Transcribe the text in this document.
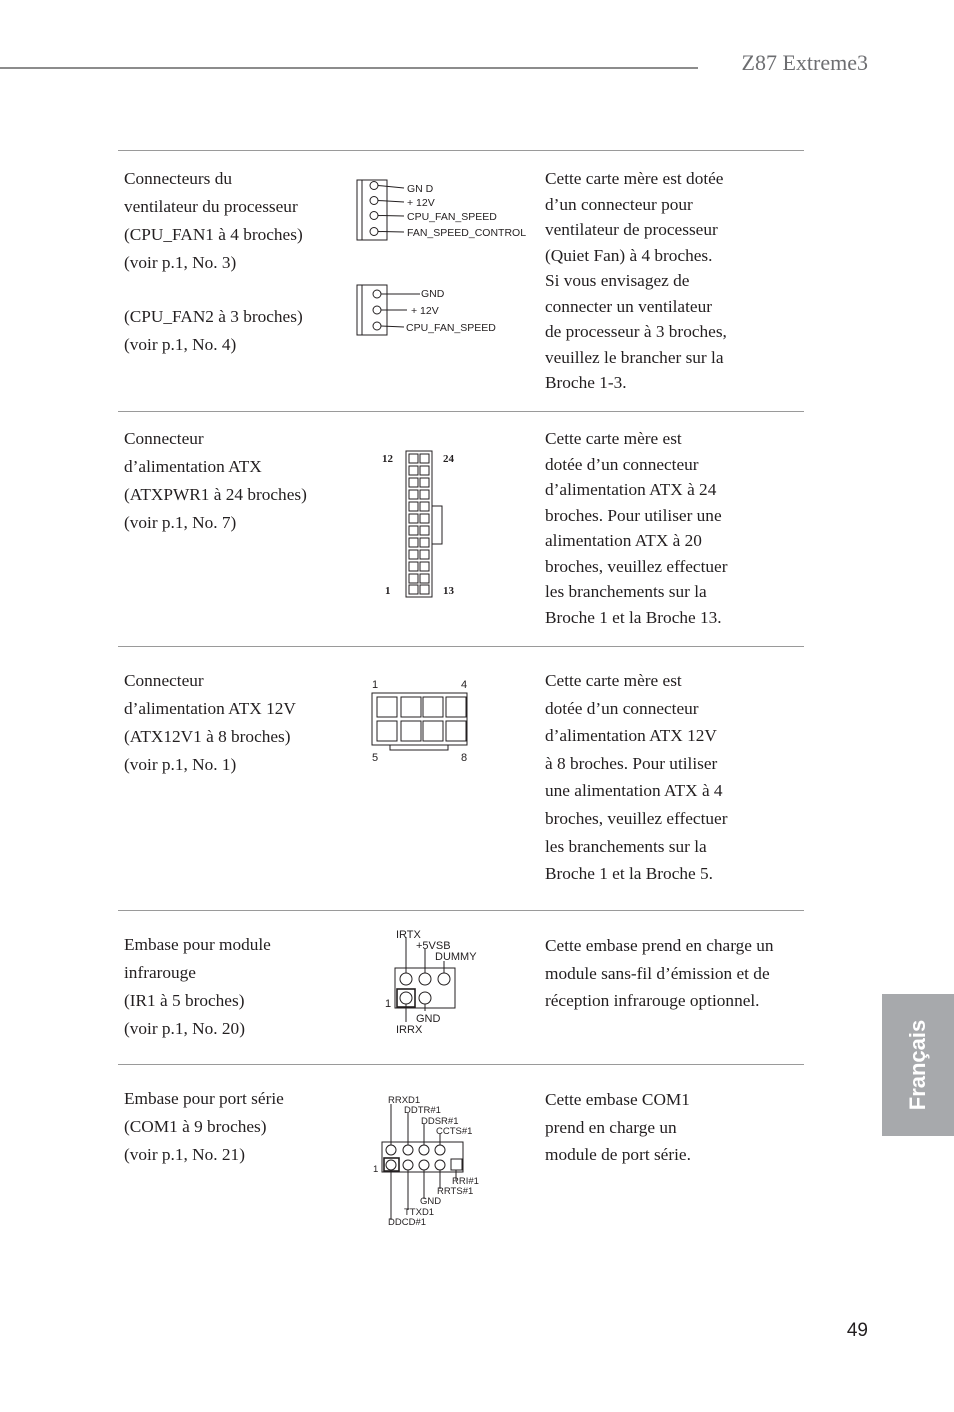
Z87 Extreme3
Connecteurs du
ventilateur du processeur
(CPU_FAN1 à 4 broches)
(voir p.1, No. 3)
(CPU_FAN2 à 3 broches)
(voir p.1, No. 4)
GN D
+ 12V
CPU_FAN_SPEED
FAN_SPEED_CONTROL
GND
+ 12V
CPU_FAN_SPEED
Cette carte mère est dotée
d’un connecteur pour
ventilateur de processeur
(Quiet Fan) à 4 broches.
Si vous envisagez de
connecter un ventilateur
de processeur à 3 broches,
veuillez le brancher sur la
Broche 1-3.
Connecteur
d’alimentation ATX
(ATXPWR1 à 24 broches)
(voir p.1, No. 7)
12	24
1	13
Cette carte mère est
dotée d’un connecteur
d’alimentation ATX à 24
broches. Pour utiliser une
alimentation ATX à 20
broches, veuillez effectuer
les branchements sur la
Broche 1 et la Broche 13.
Connecteur
d’alimentation ATX 12V
(ATX12V1 à 8 broches)
(voir p.1, No. 1)
1	4
5	8
Cette carte mère est
dotée d’un connecteur
d’alimentation ATX 12V
à 8 broches. Pour utiliser
une alimentation ATX à 4
broches, veuillez effectuer
les branchements sur la
Broche 1 et la Broche 5.
Embase pour module
infrarouge
(IR1 à 5 broches)
(voir p.1, No. 20)
IRTX
+5VSB
DUMMY
1
GND
IRRX
Cette embase prend en charge un
module sans-fil d’émission et de
réception infrarouge optionnel.
Embase pour port série
(COM1 à 9 broches)
(voir p.1, No. 21)
RRXD1
DDTR#1
DDSR#1
CCTS#1
1
RRI#1
RRTS#1
GND
TTXD1
DDCD#1
Cette embase COM1
prend en charge un
module de port série.
Français
49
